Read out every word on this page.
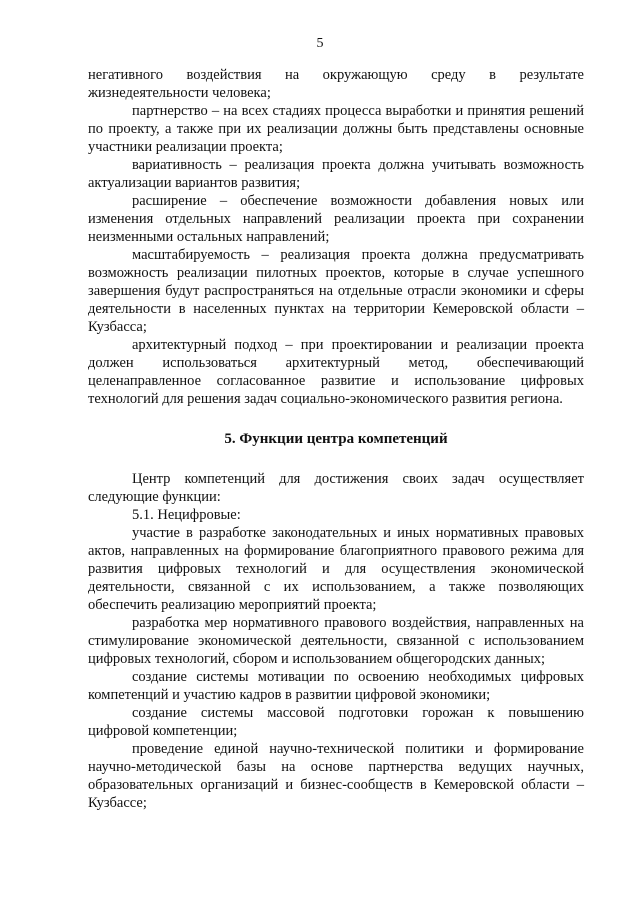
5

негативного воздействия на окружающую среду в результате жизнедеятельности человека;

партнерство – на всех стадиях процесса выработки и принятия решений по проекту, а также при их реализации должны быть представлены основные участники реализации проекта;

вариативность – реализация проекта должна учитывать возможность актуализации вариантов развития;

расширение – обеспечение возможности добавления новых или изменения отдельных направлений реализации проекта при сохранении неизменными остальных направлений;

масштабируемость – реализация проекта должна предусматривать возможность реализации пилотных проектов, которые в случае успешного завершения будут распространяться на отдельные отрасли экономики и сферы деятельности в населенных пунктах на территории Кемеровской области – Кузбасса;

архитектурный подход – при проектировании и реализации проекта должен использоваться архитектурный метод, обеспечивающий целенаправленное согласованное развитие и использование цифровых технологий для решения задач социально-экономического развития региона.

5. Функции центра компетенций

Центр компетенций для достижения своих задач осуществляет следующие функции:

5.1. Нецифровые:

участие в разработке законодательных и иных нормативных правовых актов, направленных на формирование благоприятного правового режима для развития цифровых технологий и для осуществления экономической деятельности, связанной с их использованием, а также позволяющих обеспечить реализацию мероприятий проекта;

разработка мер нормативного правового воздействия, направленных на стимулирование экономической деятельности, связанной с использованием цифровых технологий, сбором и использованием общегородских данных;

создание системы мотивации по освоению необходимых цифровых компетенций и участию кадров в развитии цифровой экономики;

создание системы массовой подготовки горожан к повышению цифровой компетенции;

проведение единой научно-технической политики и формирование научно-методической базы на основе партнерства ведущих научных, образовательных организаций и бизнес-сообществ в Кемеровской области – Кузбассе;
